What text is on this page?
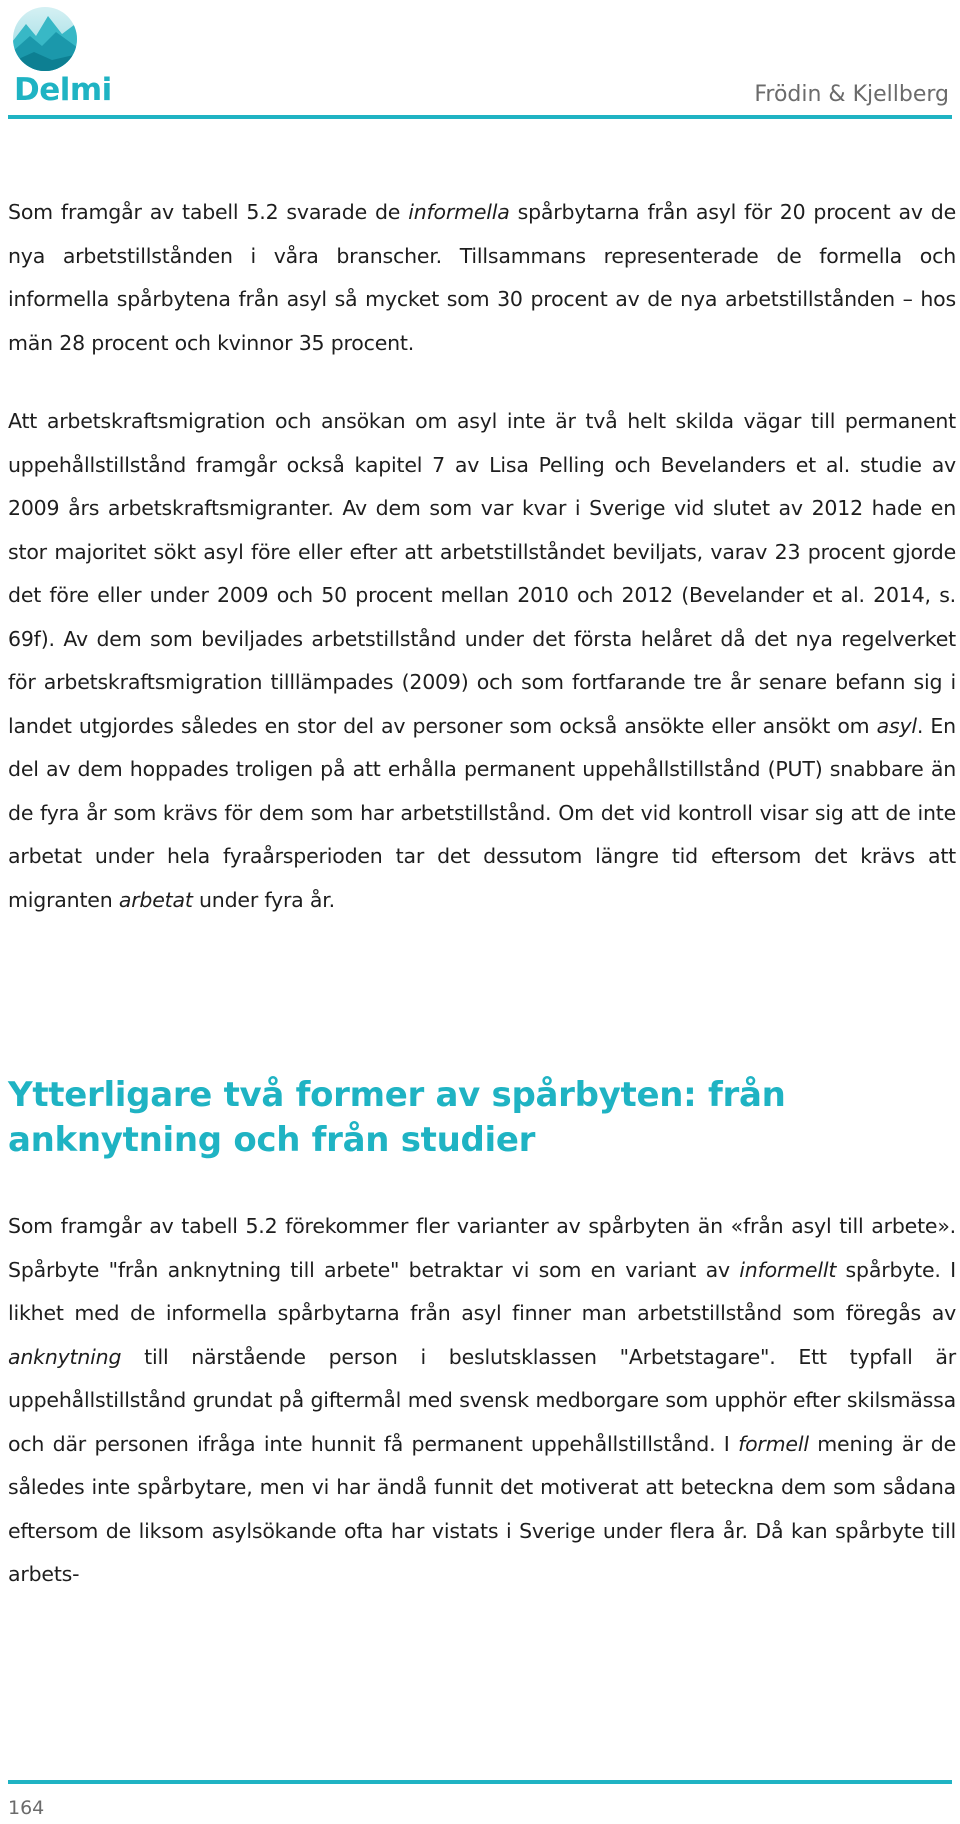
Delmi	Frödin & Kjellberg

Som framgår av tabell 5.2 svarade de informella spårbytarna från asyl för 20 procent av de nya arbetstillstånden i våra branscher. Tillsammans representerade de formella och informella spårbytena från asyl så mycket som 30 procent av de nya arbetstillstånden – hos män 28 procent och kvinnor 35 procent.

Att arbetskraftsmigration och ansökan om asyl inte är två helt skilda vägar till permanent uppehållstillstånd framgår också kapitel 7 av Lisa Pelling och Bevelanders et al. studie av 2009 års arbetskraftsmigranter. Av dem som var kvar i Sverige vid slutet av 2012 hade en stor majoritet sökt asyl före eller efter att arbetstillståndet beviljats, varav 23 procent gjorde det före eller under 2009 och 50 procent mellan 2010 och 2012 (Bevelander et al. 2014, s. 69f). Av dem som beviljades arbetstillstånd under det första helåret då det nya regelverket för arbetskraftsmigration tilllämpades (2009) och som fortfarande tre år senare befann sig i landet utgjordes således en stor del av personer som också ansökte eller ansökt om asyl. En del av dem hoppades troligen på att erhålla permanent uppehållstillstånd (PUT) snabbare än de fyra år som krävs för dem som har arbetstillstånd. Om det vid kontroll visar sig att de inte arbetat under hela fyraårsperioden tar det dessutom längre tid eftersom det krävs att migranten arbetat under fyra år.

Ytterligare två former av spårbyten: från anknytning och från studier

Som framgår av tabell 5.2 förekommer fler varianter av spårbyten än «från asyl till arbete». Spårbyte "från anknytning till arbete" betraktar vi som en variant av informellt spårbyte. I likhet med de informella spårbytarna från asyl finner man arbetstillstånd som föregås av anknytning till närstående person i beslutsklassen "Arbetstagare". Ett typfall är uppehållstillstånd grundat på giftermål med svensk medborgare som upphör efter skilsmässa och där personen ifråga inte hunnit få permanent uppehållstillstånd. I formell mening är de således inte spårbytare, men vi har ändå funnit det motiverat att beteckna dem som sådana eftersom de liksom asylsökande ofta har vistats i Sverige under flera år. Då kan spårbyte till arbets-

164
